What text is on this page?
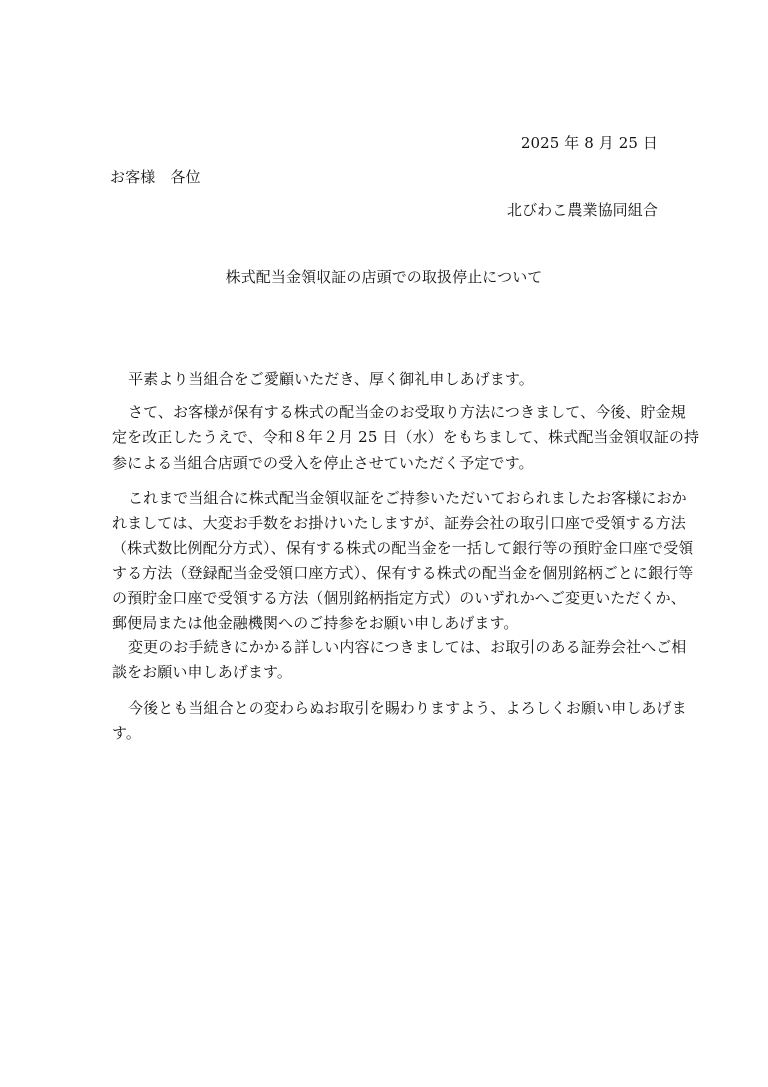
2025 年 8 月 25 日
お客様　各位
北びわこ農業協同組合
株式配当金領収証の店頭での取扱停止について
平素より当組合をご愛顧いただき、厚く御礼申しあげます。
さて、お客様が保有する株式の配当金のお受取り方法につきまして、今後、貯金規
定を改正したうえで、令和８年２月 25 日（水）をもちまして、株式配当金領収証の持
参による当組合店頭での受入を停止させていただく予定です。
これまで当組合に株式配当金領収証をご持参いただいておられましたお客様におか
れましては、大変お手数をお掛けいたしますが、証券会社の取引口座で受領する方法
（株式数比例配分方式）、保有する株式の配当金を一括して銀行等の預貯金口座で受領
する方法（登録配当金受領口座方式）、保有する株式の配当金を個別銘柄ごとに銀行等
の預貯金口座で受領する方法（個別銘柄指定方式）のいずれかへご変更いただくか、
郵便局または他金融機関へのご持参をお願い申しあげます。
変更のお手続きにかかる詳しい内容につきましては、お取引のある証券会社へご相
談をお願い申しあげます。
今後とも当組合との変わらぬお取引を賜わりますよう、よろしくお願い申しあげま
す。
